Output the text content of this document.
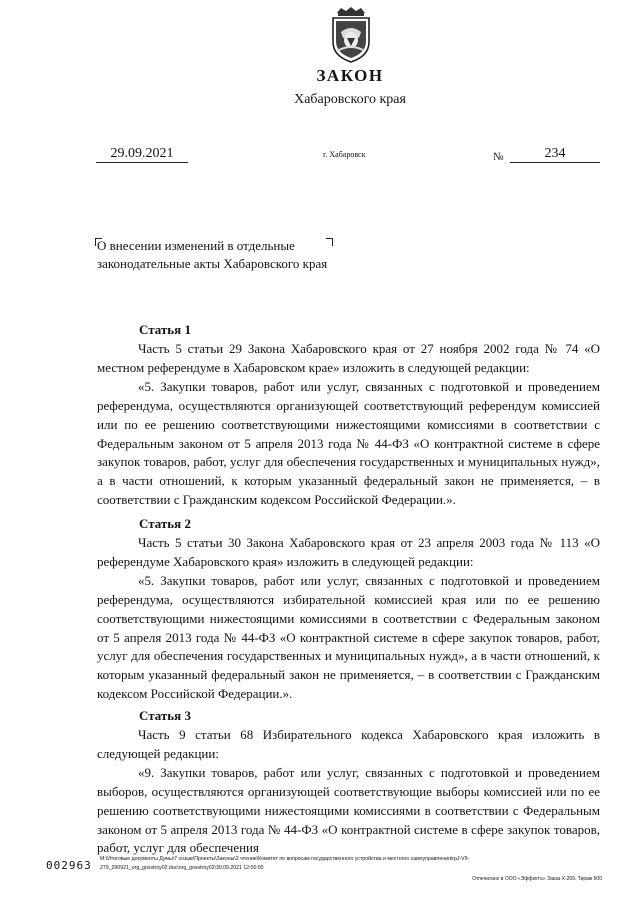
ЗАКОН
Хабаровского края
29.09.2021	г. Хабаровск	№	234
О внесении изменений в отдельные законодательные акты Хабаровского края
Статья 1

Часть 5 статьи 29 Закона Хабаровского края от 27 ноября 2002 года № 74 «О местном референдуме в Хабаровском крае» изложить в следующей редакции:

«5. Закупки товаров, работ или услуг, связанных с подготовкой и проведением референдума, осуществляются организующей соответствующий референдум комиссией или по ее решению соответствующими нижестоящими комиссиями в соответствии с Федеральным законом от 5 апреля 2013 года № 44-ФЗ «О контрактной системе в сфере закупок товаров, работ, услуг для обеспечения государственных и муниципальных нужд», а в части отношений, к которым указанный федеральный закон не применяется, – в соответствии с Гражданским кодексом Российской Федерации.».

Статья 2

Часть 5 статьи 30 Закона Хабаровского края от 23 апреля 2003 года № 113 «О референдуме Хабаровского края» изложить в следующей редакции:

«5. Закупки товаров, работ или услуг, связанных с подготовкой и проведением референдума, осуществляются избирательной комиссией края или по ее решению соответствующими нижестоящими комиссиями в соответствии с Федеральным законом от 5 апреля 2013 года № 44-ФЗ «О контрактной системе в сфере закупок товаров, работ, услуг для обеспечения государственных и муниципальных нужд», а в части отношений, к которым указанный федеральный закон не применяется, – в соответствии с Гражданским кодексом Российской Федерации.».

Статья 3

Часть 9 статьи 68 Избирательного кодекса Хабаровского края изложить в следующей редакции:

«9. Закупки товаров, работ или услуг, связанных с подготовкой и проведением выборов, осуществляются организующей соответствующие выборы комиссией или по ее решению соответствующими нижестоящими комиссиями в соответствии с Федеральным законом от 5 апреля 2013 года № 44-ФЗ «О контрактной системе в сфере закупок товаров, работ, услуг для обеспечения

002963 M:\Итоговые документы Думы\7 созыв\Проекты\Законы\2 чтение\Комитет по вопросам государственного устройства и местного самоуправления\rpJ-VII-279_290921_org_gosstroy02.doc\org_gosstroy02\30.09.2021 12:00:00
Отпечатано в ООО «Эффектъ» Заказ Х-209. Тираж 500
